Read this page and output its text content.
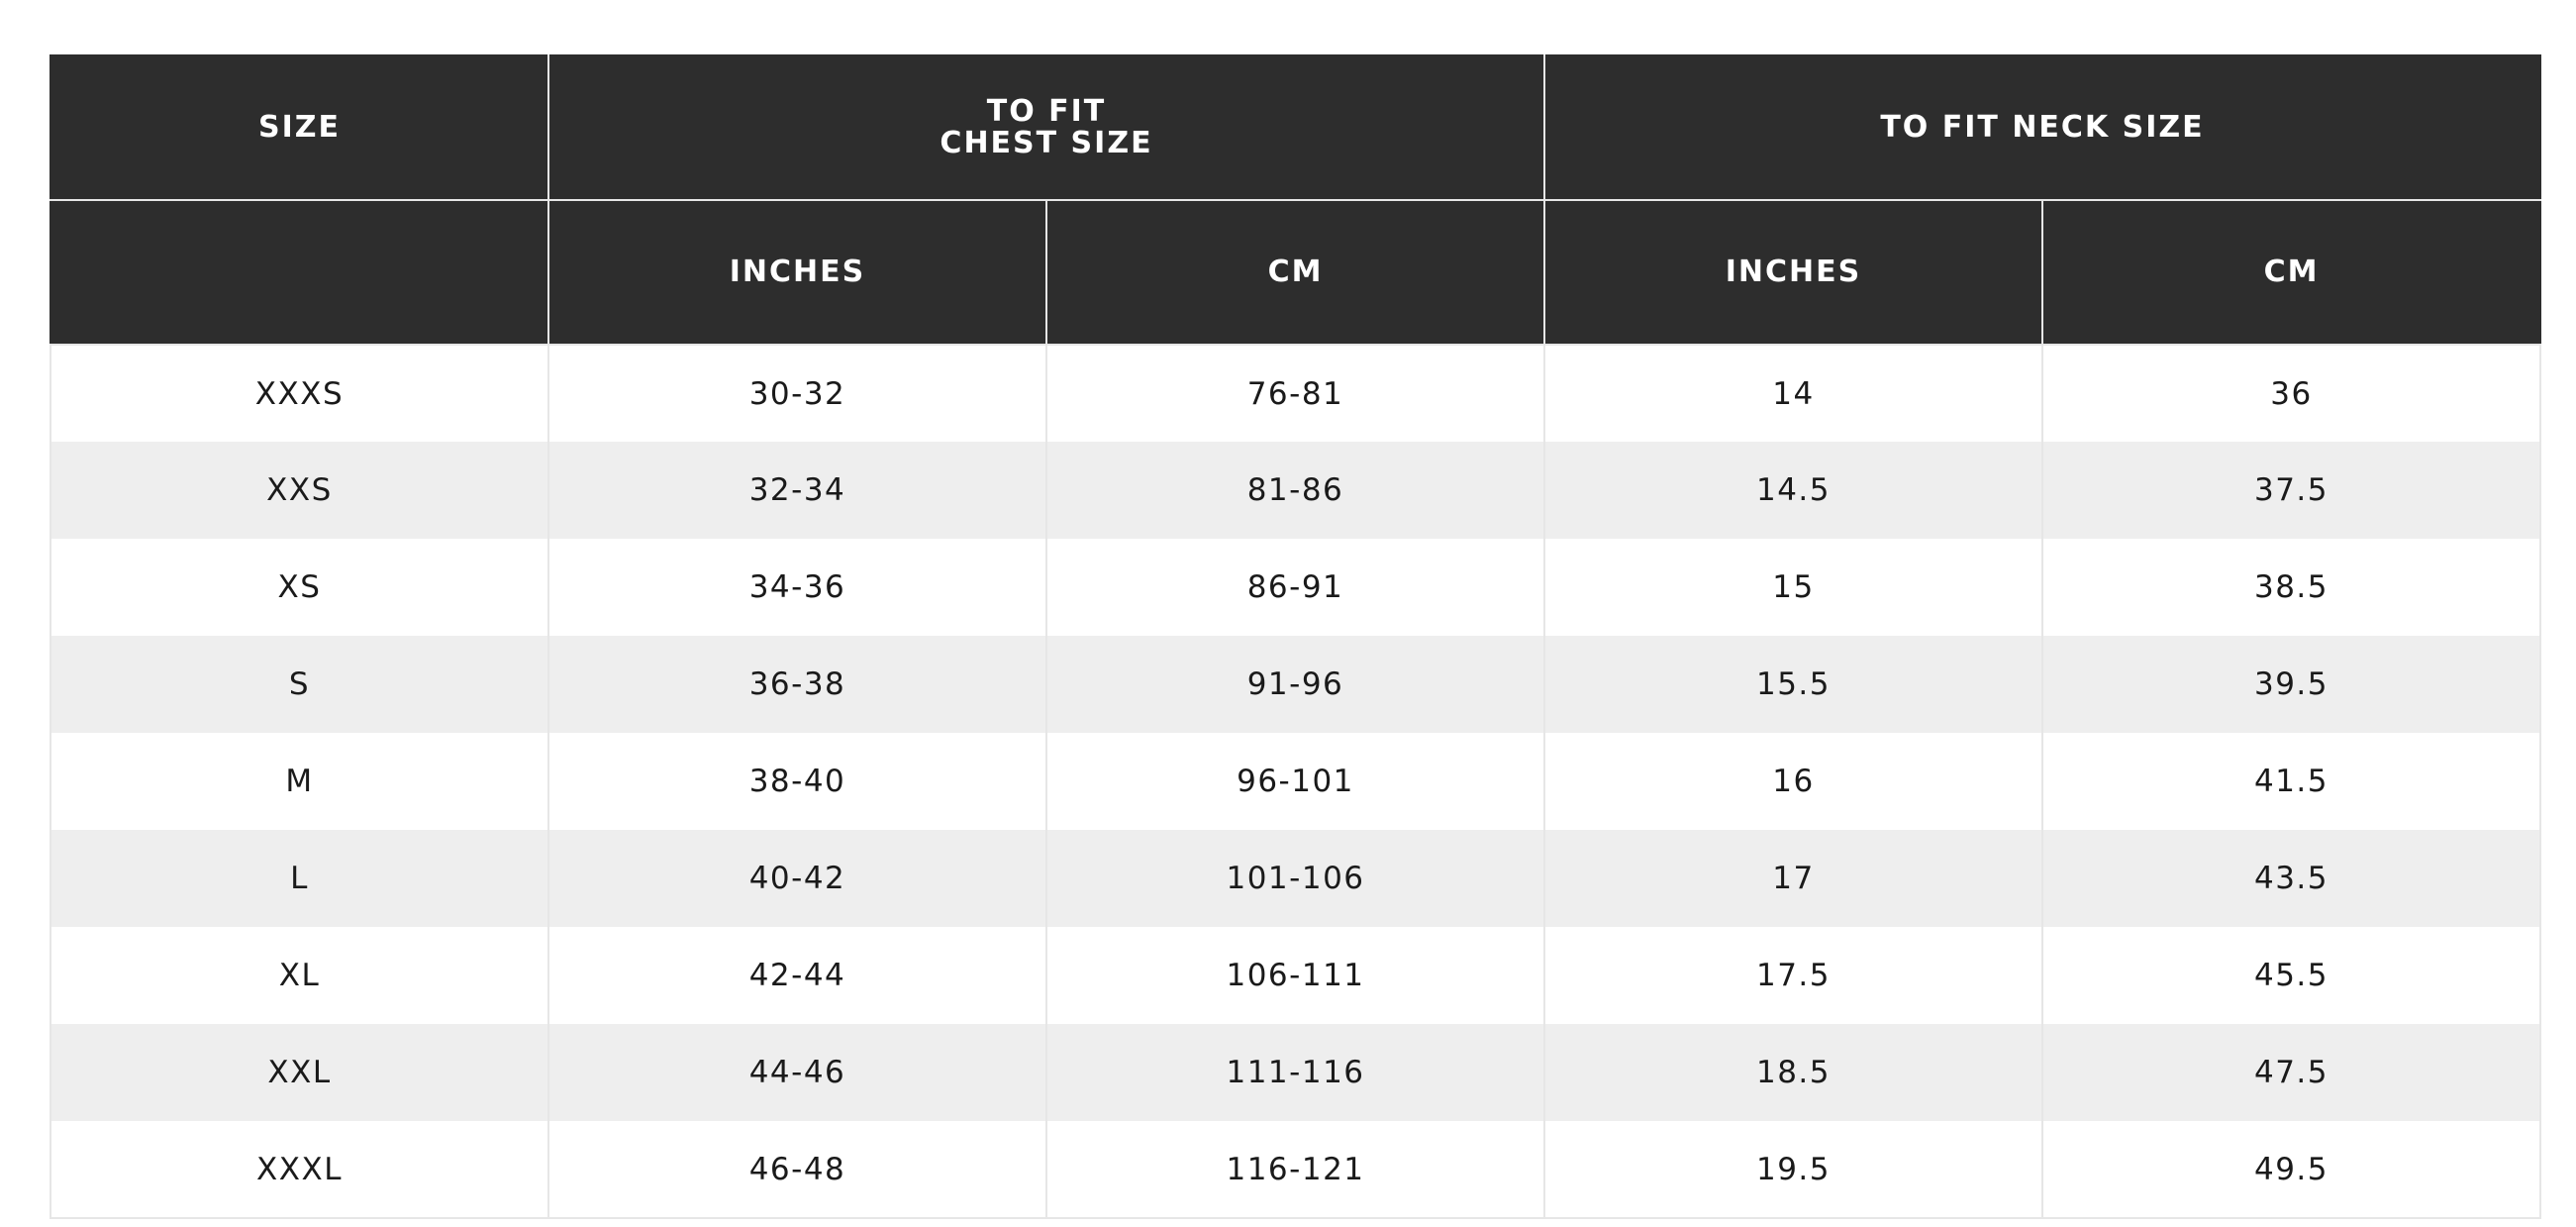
SIZE	TO FIT CHEST SIZE		TO FIT NECK SIZE	
	INCHES	CM	INCHES	CM
XXXS	30-32	76-81	14	36
XXS	32-34	81-86	14.5	37.5
XS	34-36	86-91	15	38.5
S	36-38	91-96	15.5	39.5
M	38-40	96-101	16	41.5
L	40-42	101-106	17	43.5
XL	42-44	106-111	17.5	45.5
XXL	44-46	111-116	18.5	47.5
XXXL	46-48	116-121	19.5	49.5
